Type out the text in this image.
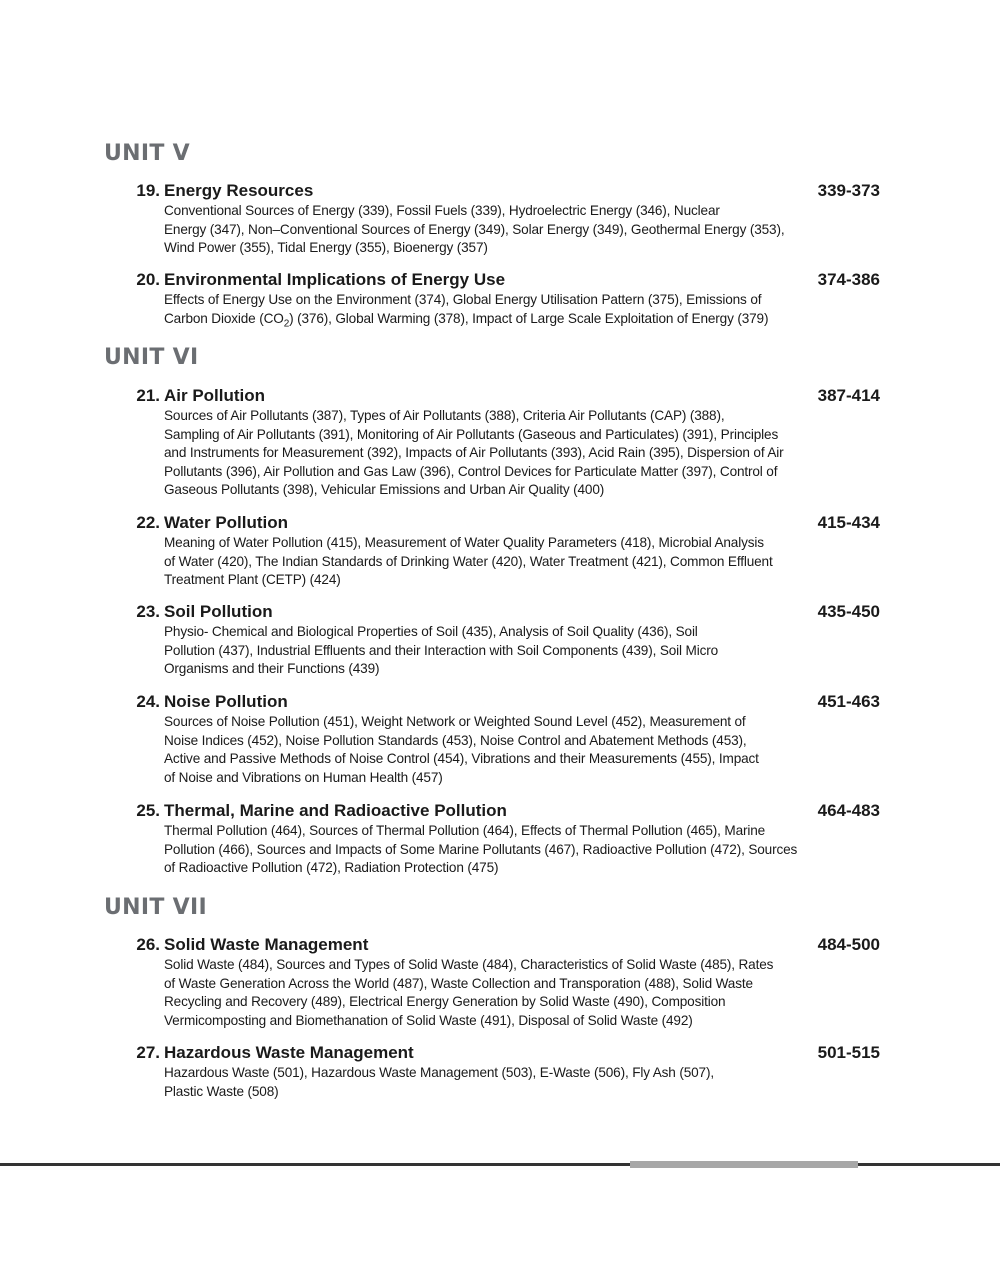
UNIT V
19. Energy Resources	339-373

Conventional Sources of Energy (339), Fossil Fuels (339), Hydroelectric Energy (346), Nuclear
Energy (347), Non–Conventional Sources of Energy (349), Solar Energy (349), Geothermal Energy (353),
Wind Power (355), Tidal Energy (355), Bioenergy (357)

20. Environmental Implications of Energy Use	374-386

Effects of Energy Use on the Environment (374), Global Energy Utilisation Pattern (375), Emissions of
Carbon Dioxide $(CO_2)$ (376), Global Warming (378), Impact of Large Scale Exploitation of Energy (379)

UNIT VI
21. Air Pollution	387-414

Sources of Air Pollutants (387), Types of Air Pollutants (388), Criteria Air Pollutants (CAP) (388),
Sampling of Air Pollutants (391), Monitoring of Air Pollutants (Gaseous and Particulates) (391), Principles
and Instruments for Measurement (392), Impacts of Air Pollutants (393), Acid Rain (395), Dispersion of Air
Pollutants (396), Air Pollution and Gas Law (396), Control Devices for Particulate Matter (397), Control of
Gaseous Pollutants (398), Vehicular Emissions and Urban Air Quality (400)

22. Water Pollution	415-434

Meaning of Water Pollution (415), Measurement of Water Quality Parameters (418), Microbial Analysis
of Water (420), The Indian Standards of Drinking Water (420), Water Treatment (421), Common Effluent
Treatment Plant (CETP) (424)

23. Soil Pollution	435-450

Physio- Chemical and Biological Properties of Soil (435), Analysis of Soil Quality (436), Soil
Pollution (437), Industrial Effluents and their Interaction with Soil Components (439), Soil Micro
Organisms and their Functions (439)

24. Noise Pollution	451-463

Sources of Noise Pollution (451), Weight Network or Weighted Sound Level (452), Measurement of
Noise Indices (452), Noise Pollution Standards (453), Noise Control and Abatement Methods (453),
Active and Passive Methods of Noise Control (454), Vibrations and their Measurements (455), Impact
of Noise and Vibrations on Human Health (457)

25. Thermal, Marine and Radioactive Pollution	464-483

Thermal Pollution (464), Sources of Thermal Pollution (464), Effects of Thermal Pollution (465), Marine
Pollution (466), Sources and Impacts of Some Marine Pollutants (467), Radioactive Pollution (472), Sources
of Radioactive Pollution (472), Radiation Protection (475)

UNIT VII
26. Solid Waste Management	484-500

Solid Waste (484), Sources and Types of Solid Waste (484), Characteristics of Solid Waste (485), Rates
of Waste Generation Across the World (487), Waste Collection and Transporation (488), Solid Waste
Recycling and Recovery (489), Electrical Energy Generation by Solid Waste (490), Composition
Vermicomposting and Biomethanation of Solid Waste (491), Disposal of Solid Waste (492)

27. Hazardous Waste Management	501-515

Hazardous Waste (501), Hazardous Waste Management (503), E-Waste (506), Fly Ash (507),
Plastic Waste (508)
